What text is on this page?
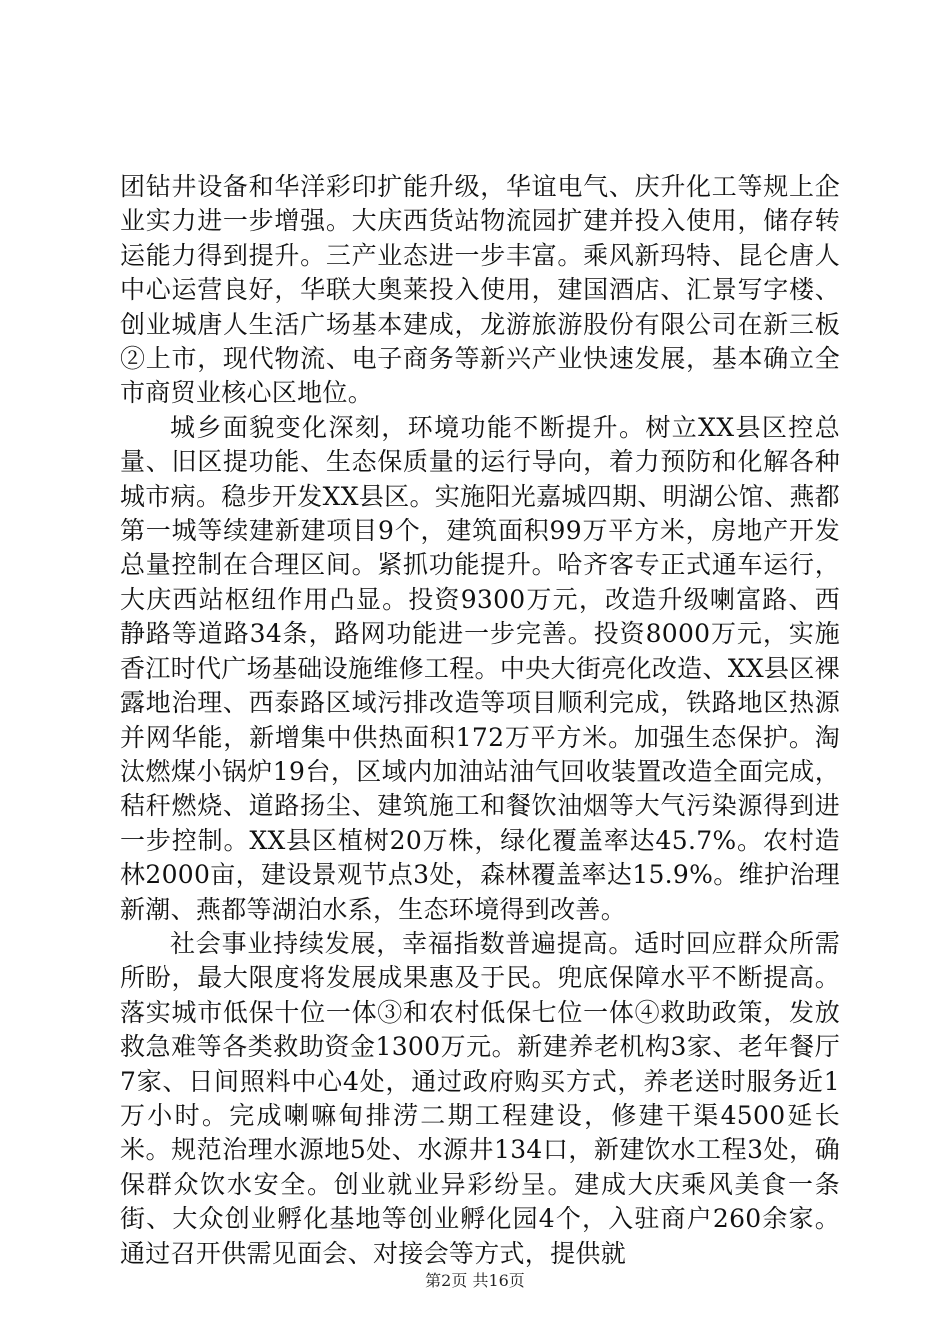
团钻井设备和华洋彩印扩能升级，华谊电气、庆升化工等规上企业实力进一步增强。大庆西货站物流园扩建并投入使用，储存转运能力得到提升。三产业态进一步丰富。乘风新玛特、昆仑唐人中心运营良好，华联大奥莱投入使用，建国酒店、汇景写字楼、创业城唐人生活广场基本建成，龙游旅游股份有限公司在新三板②上市，现代物流、电子商务等新兴产业快速发展，基本确立全市商贸业核心区地位。

城乡面貌变化深刻，环境功能不断提升。树立XX县区控总量、旧区提功能、生态保质量的运行导向，着力预防和化解各种城市病。稳步开发XX县区。实施阳光嘉城四期、明湖公馆、燕都第一城等续建新建项目9个，建筑面积99万平方米，房地产开发总量控制在合理区间。紧抓功能提升。哈齐客专正式通车运行，大庆西站枢纽作用凸显。投资9300万元，改造升级喇富路、西静路等道路34条，路网功能进一步完善。投资8000万元，实施香江时代广场基础设施维修工程。中央大街亮化改造、XX县区裸露地治理、西泰路区域污排改造等项目顺利完成，铁路地区热源并网华能，新增集中供热面积172万平方米。加强生态保护。淘汰燃煤小锅炉19台，区域内加油站油气回收装置改造全面完成，秸秆燃烧、道路扬尘、建筑施工和餐饮油烟等大气污染源得到进一步控制。XX县区植树20万株，绿化覆盖率达45.7%。农村造林2000亩，建设景观节点3处，森林覆盖率达15.9%。维护治理新潮、燕都等湖泊水系，生态环境得到改善。

社会事业持续发展，幸福指数普遍提高。适时回应群众所需所盼，最大限度将发展成果惠及于民。兜底保障水平不断提高。落实城市低保十位一体③和农村低保七位一体④救助政策，发放救急难等各类救助资金1300万元。新建养老机构3家、老年餐厅7家、日间照料中心4处，通过政府购买方式，养老送时服务近1万小时。完成喇嘛甸排涝二期工程建设，修建干渠4500延长米。规范治理水源地5处、水源井134口，新建饮水工程3处，确保群众饮水安全。创业就业异彩纷呈。建成大庆乘风美食一条街、大众创业孵化基地等创业孵化园4个，入驻商户260余家。通过召开供需见面会、对接会等方式，提供就

第2页 共16页
